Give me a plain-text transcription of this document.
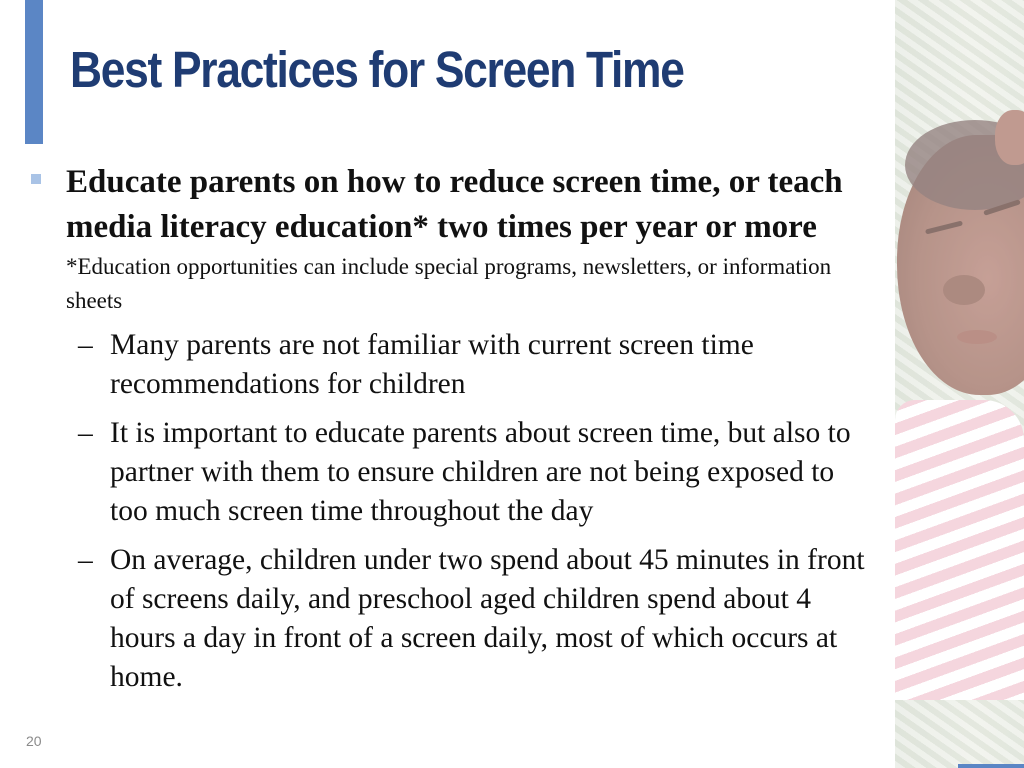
Best Practices for Screen Time
Educate parents on how to reduce screen time, or teach media literacy education* two times per year or more *Education opportunities can include special programs, newsletters, or information sheets
– Many parents are not familiar with current screen time recommendations for children
– It is important to educate parents about screen time, but also to partner with them to ensure children are not being exposed to too much screen time throughout the day
– On average, children under two spend about 45 minutes in front of screens daily, and preschool aged children spend about 4 hours a day in front of a screen daily, most of which occurs at home.
20
